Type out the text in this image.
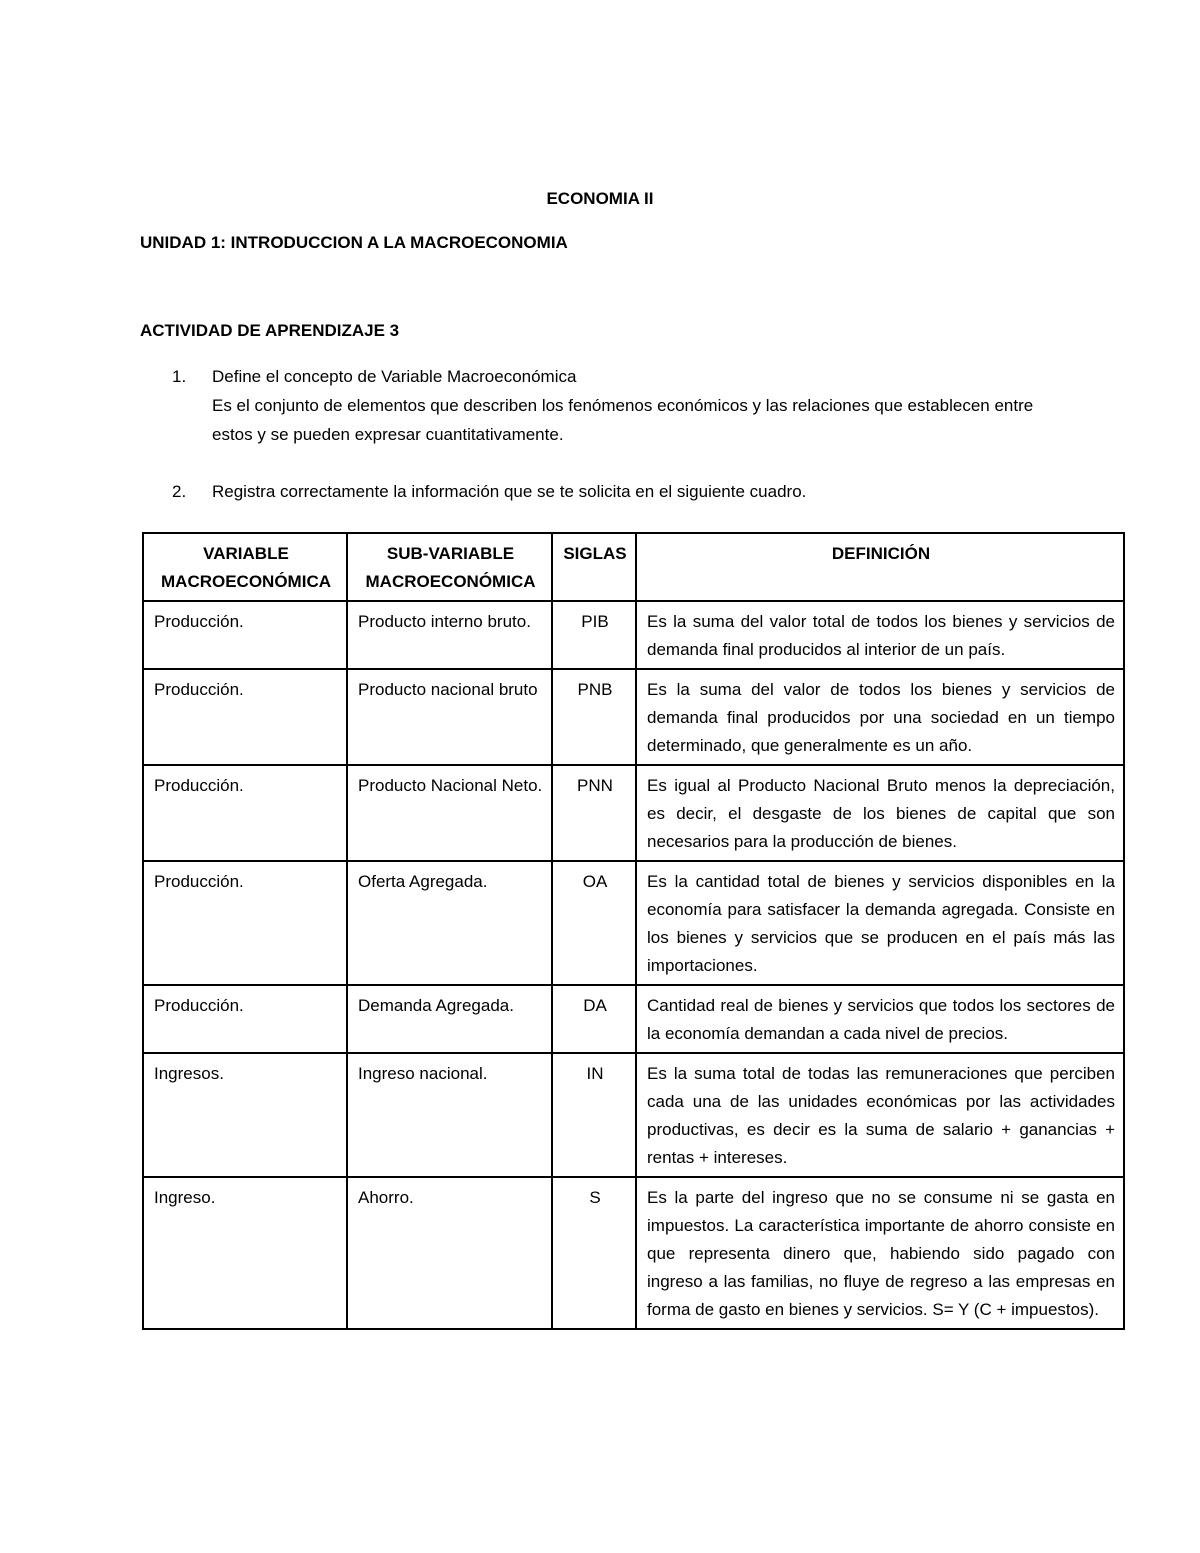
ECONOMIA II
UNIDAD 1: INTRODUCCION A LA MACROECONOMIA
ACTIVIDAD DE APRENDIZAJE 3
1. Define el concepto de Variable Macroeconómica
Es el conjunto de elementos que describen los fenómenos económicos y las relaciones que establecen entre estos y se pueden expresar cuantitativamente.
2. Registra correctamente la información que se te solicita en el siguiente cuadro.
VARIABLE MACROECONÓMICA	SUB-VARIABLE MACROECONÓMICA	SIGLAS	DEFINICIÓN
Producción.	Producto interno bruto.	PIB	Es la suma del valor total de todos los bienes y servicios de demanda final producidos al interior de un país.
Producción.	Producto nacional bruto	PNB	Es la suma del valor de todos los bienes y servicios de demanda final producidos por una sociedad en un tiempo determinado, que generalmente es un año.
Producción.	Producto Nacional Neto.	PNN	Es igual al Producto Nacional Bruto menos la depreciación, es decir, el desgaste de los bienes de capital que son necesarios para la producción de bienes.
Producción.	Oferta Agregada.	OA	Es la cantidad total de bienes y servicios disponibles en la economía para satisfacer la demanda agregada. Consiste en los bienes y servicios que se producen en el país más las importaciones.
Producción.	Demanda Agregada.	DA	Cantidad real de bienes y servicios que todos los sectores de la economía demandan a cada nivel de precios.
Ingresos.	Ingreso nacional.	IN	Es la suma total de todas las remuneraciones que perciben cada una de las unidades económicas por las actividades productivas, es decir es la suma de salario + ganancias + rentas + intereses.
Ingreso.	Ahorro.	S	Es la parte del ingreso que no se consume ni se gasta en impuestos. La característica importante de ahorro consiste en que representa dinero que, habiendo sido pagado con ingreso a las familias, no fluye de regreso a las empresas en forma de gasto en bienes y servicios. S= Y (C + impuestos).
